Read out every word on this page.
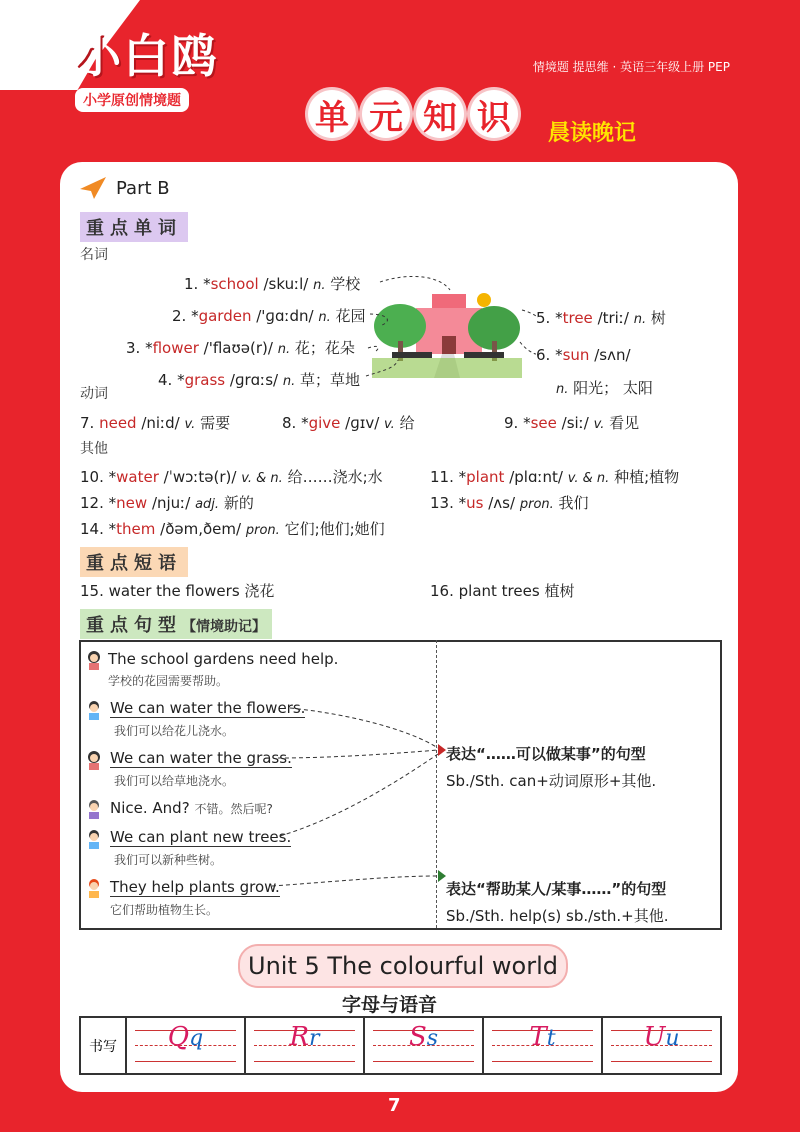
小白鸥
小学原创情境题
情境题 提思维 · 英语三年级上册 PEP
单 元 知 识	晨读晚记
Part B
重点单词
名词
1. *school /skuːl/ n. 学校
2. *garden /'ɡɑːdn/ n. 花园
3. *flower /'flaʊə(r)/ n. 花；花朵
4. *grass /ɡrɑːs/ n. 草；草地
5. *tree /triː/ n. 树
6. *sun /sʌn/
n. 阳光； 太阳
动词
7. need /niːd/ v. 需要	8. *give /ɡɪv/ v. 给	9. *see /siː/ v. 看见
其他
10. *water /ˈwɔːtə(r)/ v. & n. 给……浇水;水	11. *plant /plɑːnt/ v. & n. 种植;植物
12. *new /njuː/ adj. 新的	13. *us /ʌs/ pron. 我们
14. *them /ðəm,ðem/ pron. 它们;他们;她们
重点短语
15. water the flowers 浇花	16. plant trees 植树
重点句型【情境助记】
The school gardens need help.
学校的花园需要帮助。
We can water the flowers.
我们可以给花儿浇水。
We can water the grass.
我们可以给草地浇水。
Nice. And? 不错。然后呢?
We can plant new trees.
我们可以新种些树。
They help plants grow.
它们帮助植物生长。
表达“……可以做某事”的句型
Sb./Sth. can+动词原形+其他.
表达“帮助某人/某事……”的句型
Sb./Sth. help(s) sb./sth.+其他.
Unit 5 The colourful world
字母与语音
书写	Qq	Rr	Ss	Tt	Uu
7
